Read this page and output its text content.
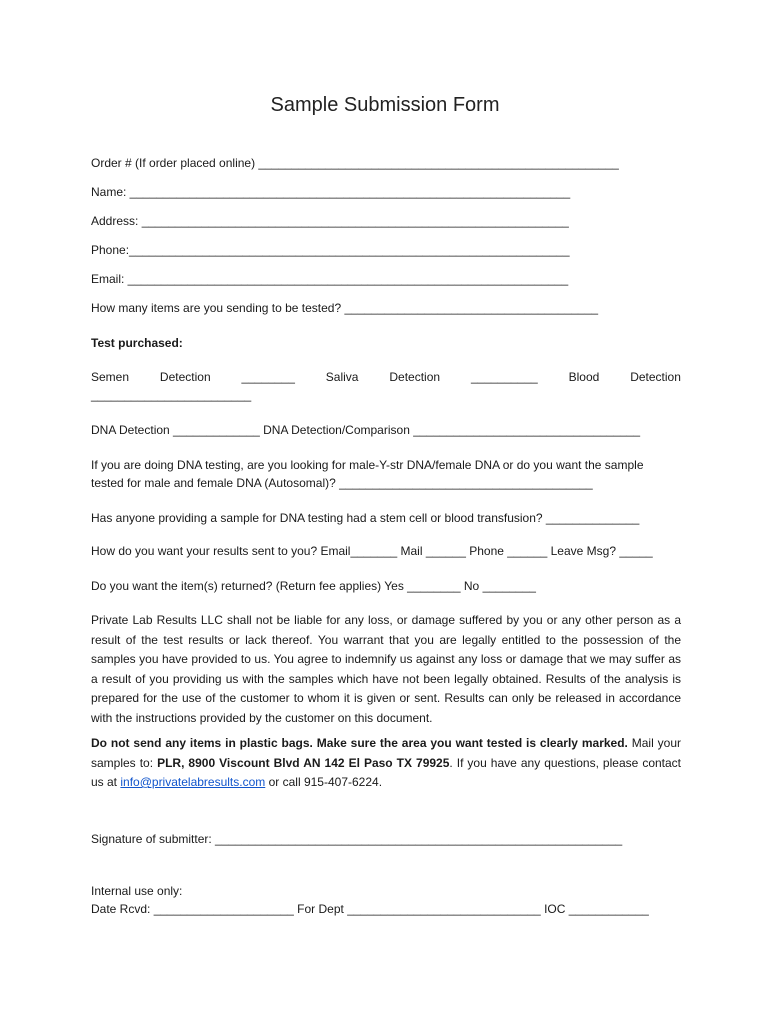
Sample Submission Form
Order # (If order placed online) ______________________________________________________
Name: __________________________________________________________________
Address: ________________________________________________________________
Phone:__________________________________________________________________
Email: __________________________________________________________________
How many items are you sending to be tested? ______________________________________
Test purchased:
Semen	Detection	________	Saliva	Detection	__________	Blood	Detection
________________________
DNA Detection _____________ DNA Detection/Comparison __________________________________
If you are doing DNA testing, are you looking for male-Y-str DNA/female DNA or do you want the sample
tested for male and female DNA (Autosomal)? ______________________________________
Has anyone providing a sample for DNA testing had a stem cell or blood transfusion? ______________
How do you want your results sent to you? Email_______ Mail ______ Phone ______ Leave Msg? _____
Do you want the item(s) returned? (Return fee applies) Yes ________ No ________
Private Lab Results LLC shall not be liable for any loss, or damage suffered by you or any other person as a result of the test results or lack thereof. You warrant that you are legally entitled to the possession of the samples you have provided to us. You agree to indemnify us against any loss or damage that we may suffer as a result of you providing us with the samples which have not been legally obtained. Results of the analysis is prepared for the use of the customer to whom it is given or sent. Results can only be released in accordance with the instructions provided by the customer on this document.
Do not send any items in plastic bags. Make sure the area you want tested is clearly marked. Mail your samples to: PLR, 8900 Viscount Blvd AN 142 El Paso TX 79925. If you have any questions, please contact us at info@privatelabresults.com or call 915-407-6224.
Signature of submitter: _____________________________________________________________
Internal use only:
Date Rcvd: _____________________ For Dept _____________________________ IOC ____________
